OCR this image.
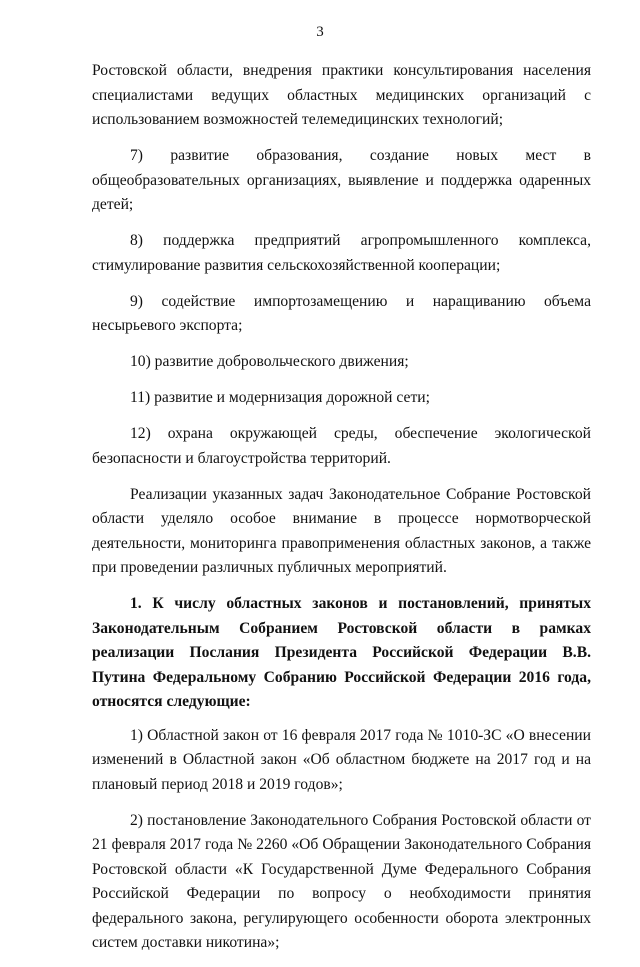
3

Ростовской области, внедрения практики консультирования населения специалистами ведущих областных медицинских организаций с использованием возможностей телемедицинских технологий;

7) развитие образования, создание новых мест в общеобразовательных организациях, выявление и поддержка одаренных детей;

8) поддержка предприятий агропромышленного комплекса, стимулирование развития сельскохозяйственной кооперации;

9) содействие импортозамещению и наращиванию объема несырьевого экспорта;

10) развитие добровольческого движения;

11) развитие и модернизация дорожной сети;

12) охрана окружающей среды, обеспечение экологической безопасности и благоустройства территорий.

Реализации указанных задач Законодательное Собрание Ростовской области уделяло особое внимание в процессе нормотворческой деятельности, мониторинга правоприменения областных законов, а также при проведении различных публичных мероприятий.

1. К числу областных законов и постановлений, принятых Законодательным Собранием Ростовской области в рамках реализации Послания Президента Российской Федерации В.В. Путина Федеральному Собранию Российской Федерации 2016 года, относятся следующие:

1) Областной закон от 16 февраля 2017 года № 1010-ЗС «О внесении изменений в Областной закон «Об областном бюджете на 2017 год и на плановый период 2018 и 2019 годов»;

2) постановление Законодательного Собрания Ростовской области от 21 февраля 2017 года № 2260 «Об Обращении Законодательного Собрания Ростовской области «К Государственной Думе Федерального Собрания Российской Федерации по вопросу о необходимости принятия федерального закона, регулирующего особенности оборота электронных систем доставки никотина»;
